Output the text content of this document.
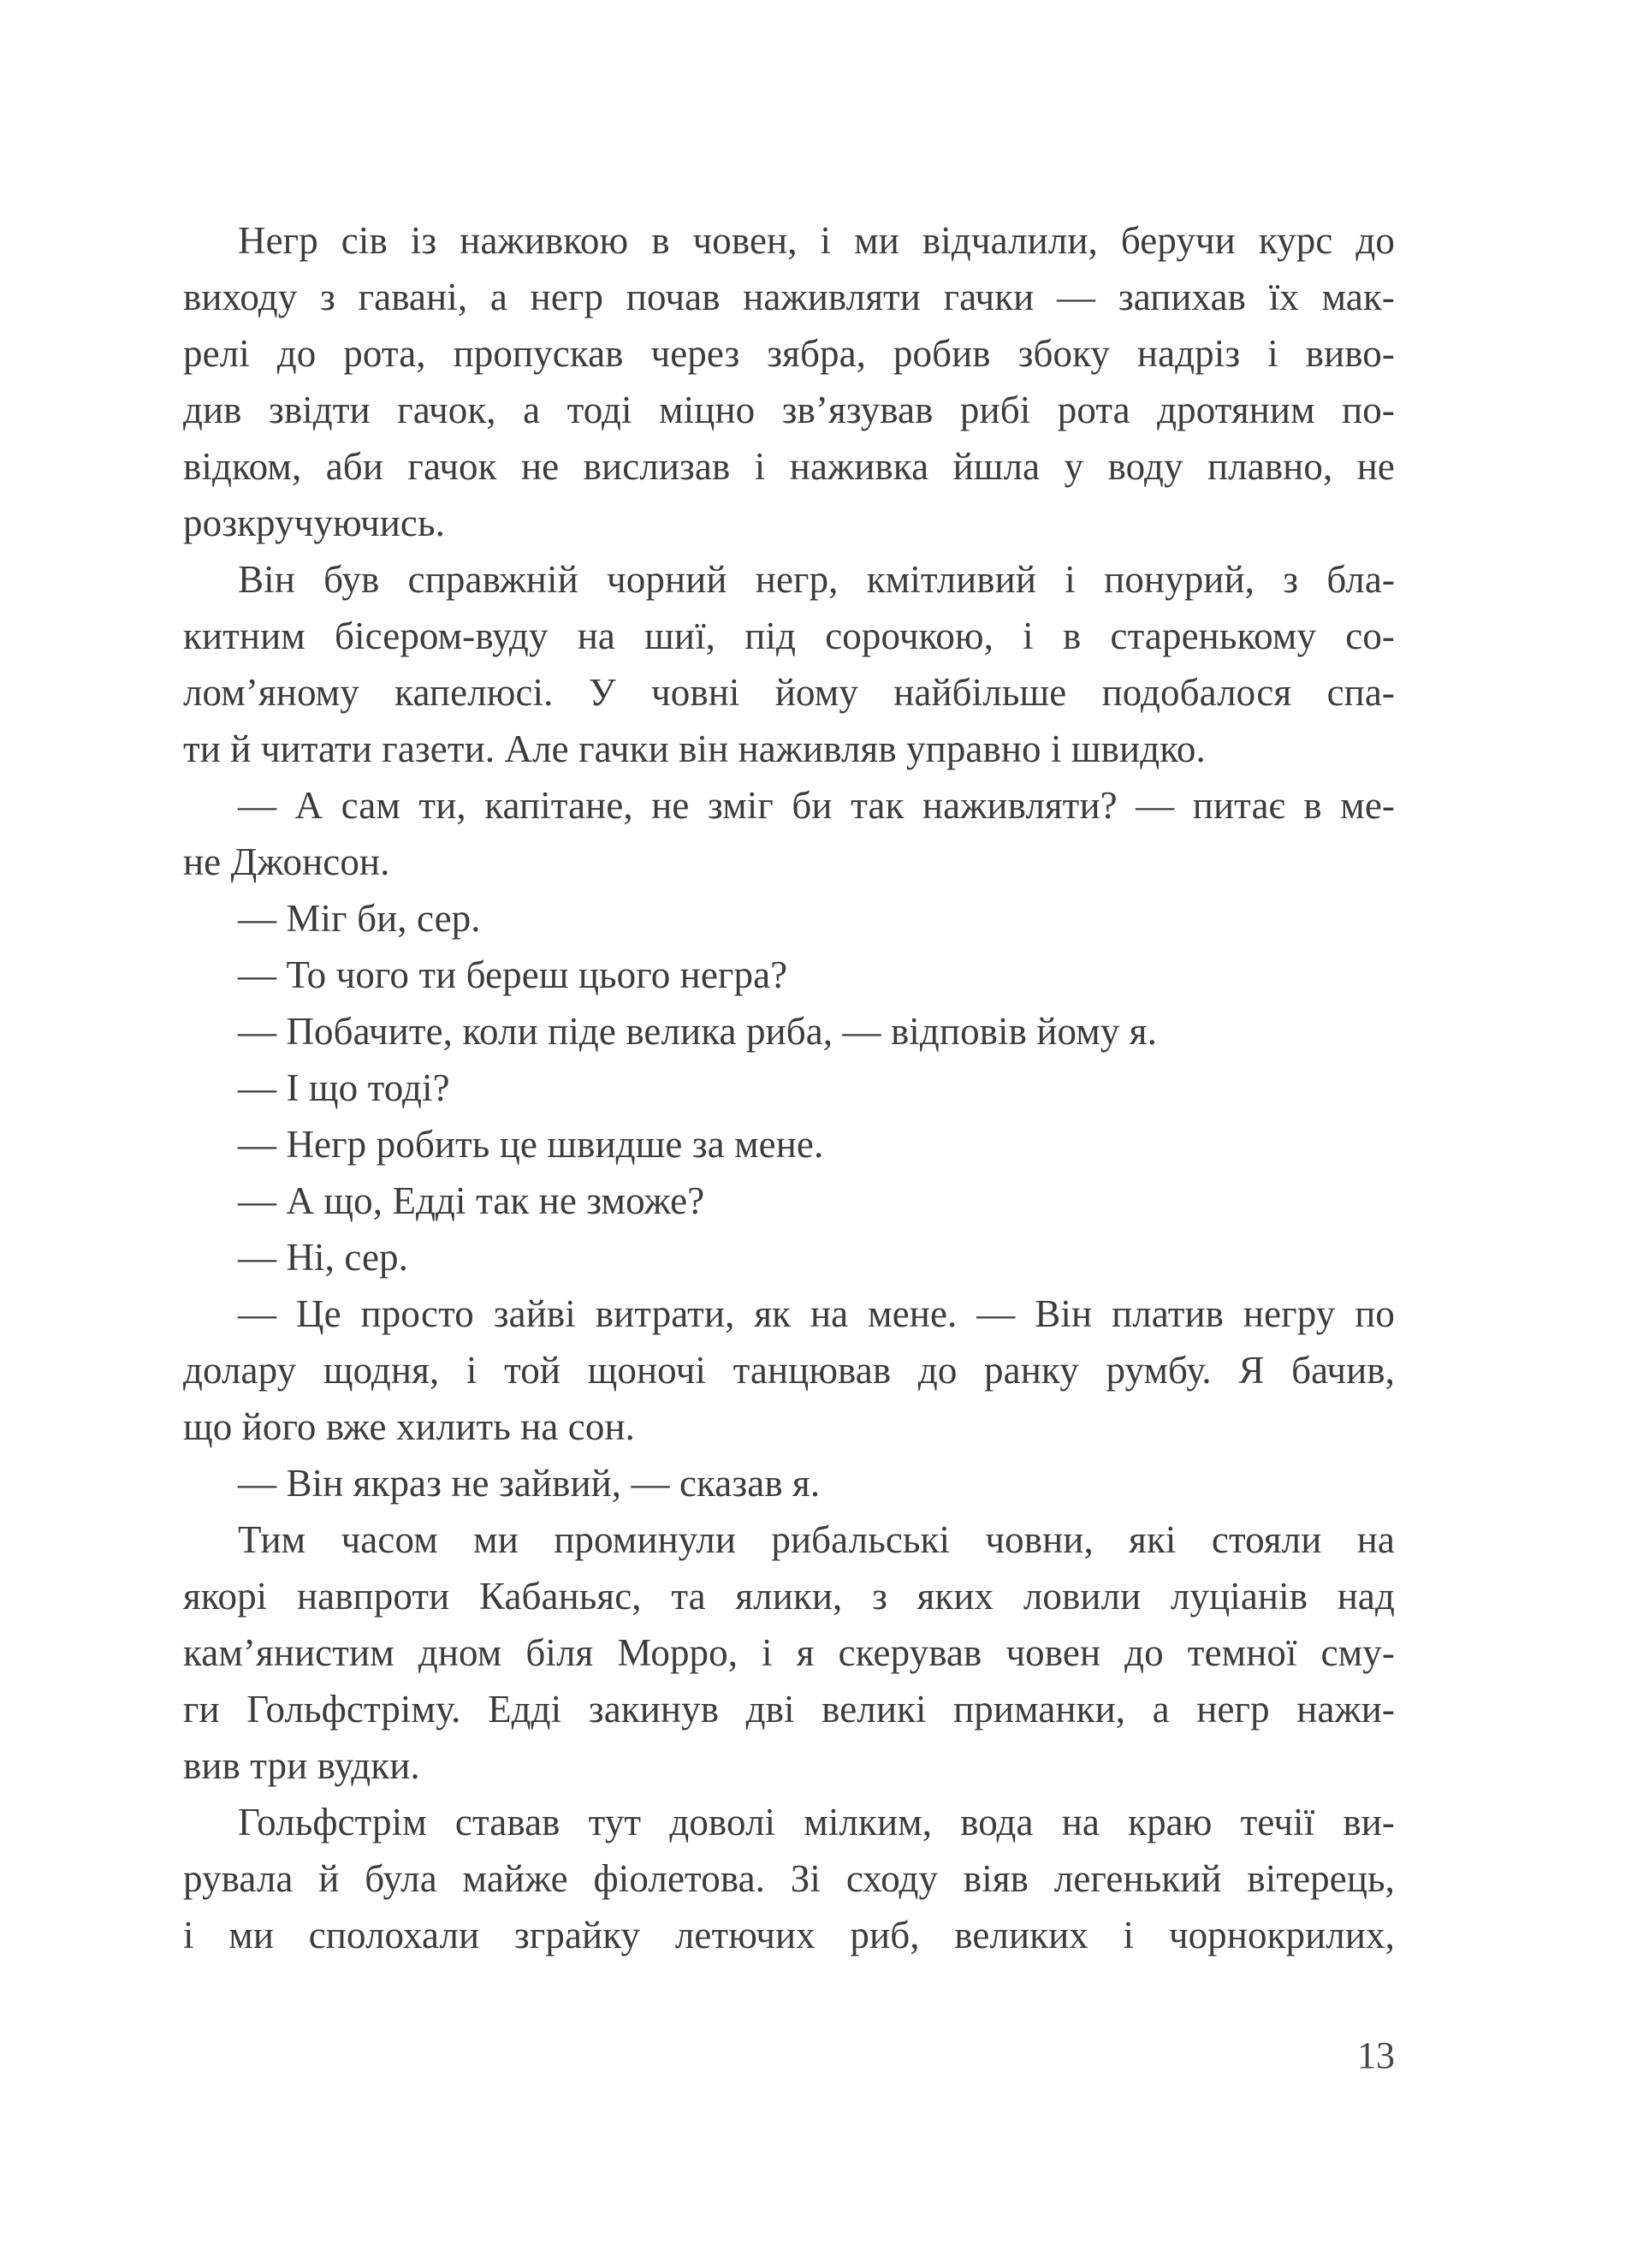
Негр сів із наживкою в човен, і ми відчалили, беручи курс до
виходу з гавані, а негр почав наживляти гачки — запихав їх мак-
релі до рота, пропускав через зябра, робив збоку надріз і виво-
див звідти гачок, а тоді міцно зв’язував рибі рота дротяним по-
відком, аби гачок не вислизав і наживка йшла у воду плавно, не
розкручуючись.
Він був справжній чорний негр, кмітливий і понурий, з бла-
китним бісером-вуду на шиї, під сорочкою, і в старенькому со-
лом’яному капелюсі. У човні йому найбільше подобалося спа-
ти й читати газети. Але гачки він наживляв управно і швидко.
— А сам ти, капітане, не зміг би так наживляти? — питає в ме-
не Джонсон.
— Міг би, сер.
— То чого ти береш цього негра?
— Побачите, коли піде велика риба, — відповів йому я.
— І що тоді?
— Негр робить це швидше за мене.
— А що, Едді так не зможе?
— Ні, сер.
— Це просто зайві витрати, як на мене. — Він платив негру по
долару щодня, і той щоночі танцював до ранку румбу. Я бачив,
що його вже хилить на сон.
— Він якраз не зайвий, — сказав я.
Тим часом ми проминули рибальські човни, які стояли на
якорі навпроти Кабаньяс, та ялики, з яких ловили луціанів над
кам’янистим дном біля Морро, і я скерував човен до темної сму-
ги Гольфстріму. Едді закинув дві великі приманки, а негр нажи-
вив три вудки.
Гольфстрім ставав тут доволі мілким, вода на краю течії ви-
рувала й була майже фіолетова. Зі сходу віяв легенький вітерець,
і ми сполохали зграйку летючих риб, великих і чорнокрилих,
13
